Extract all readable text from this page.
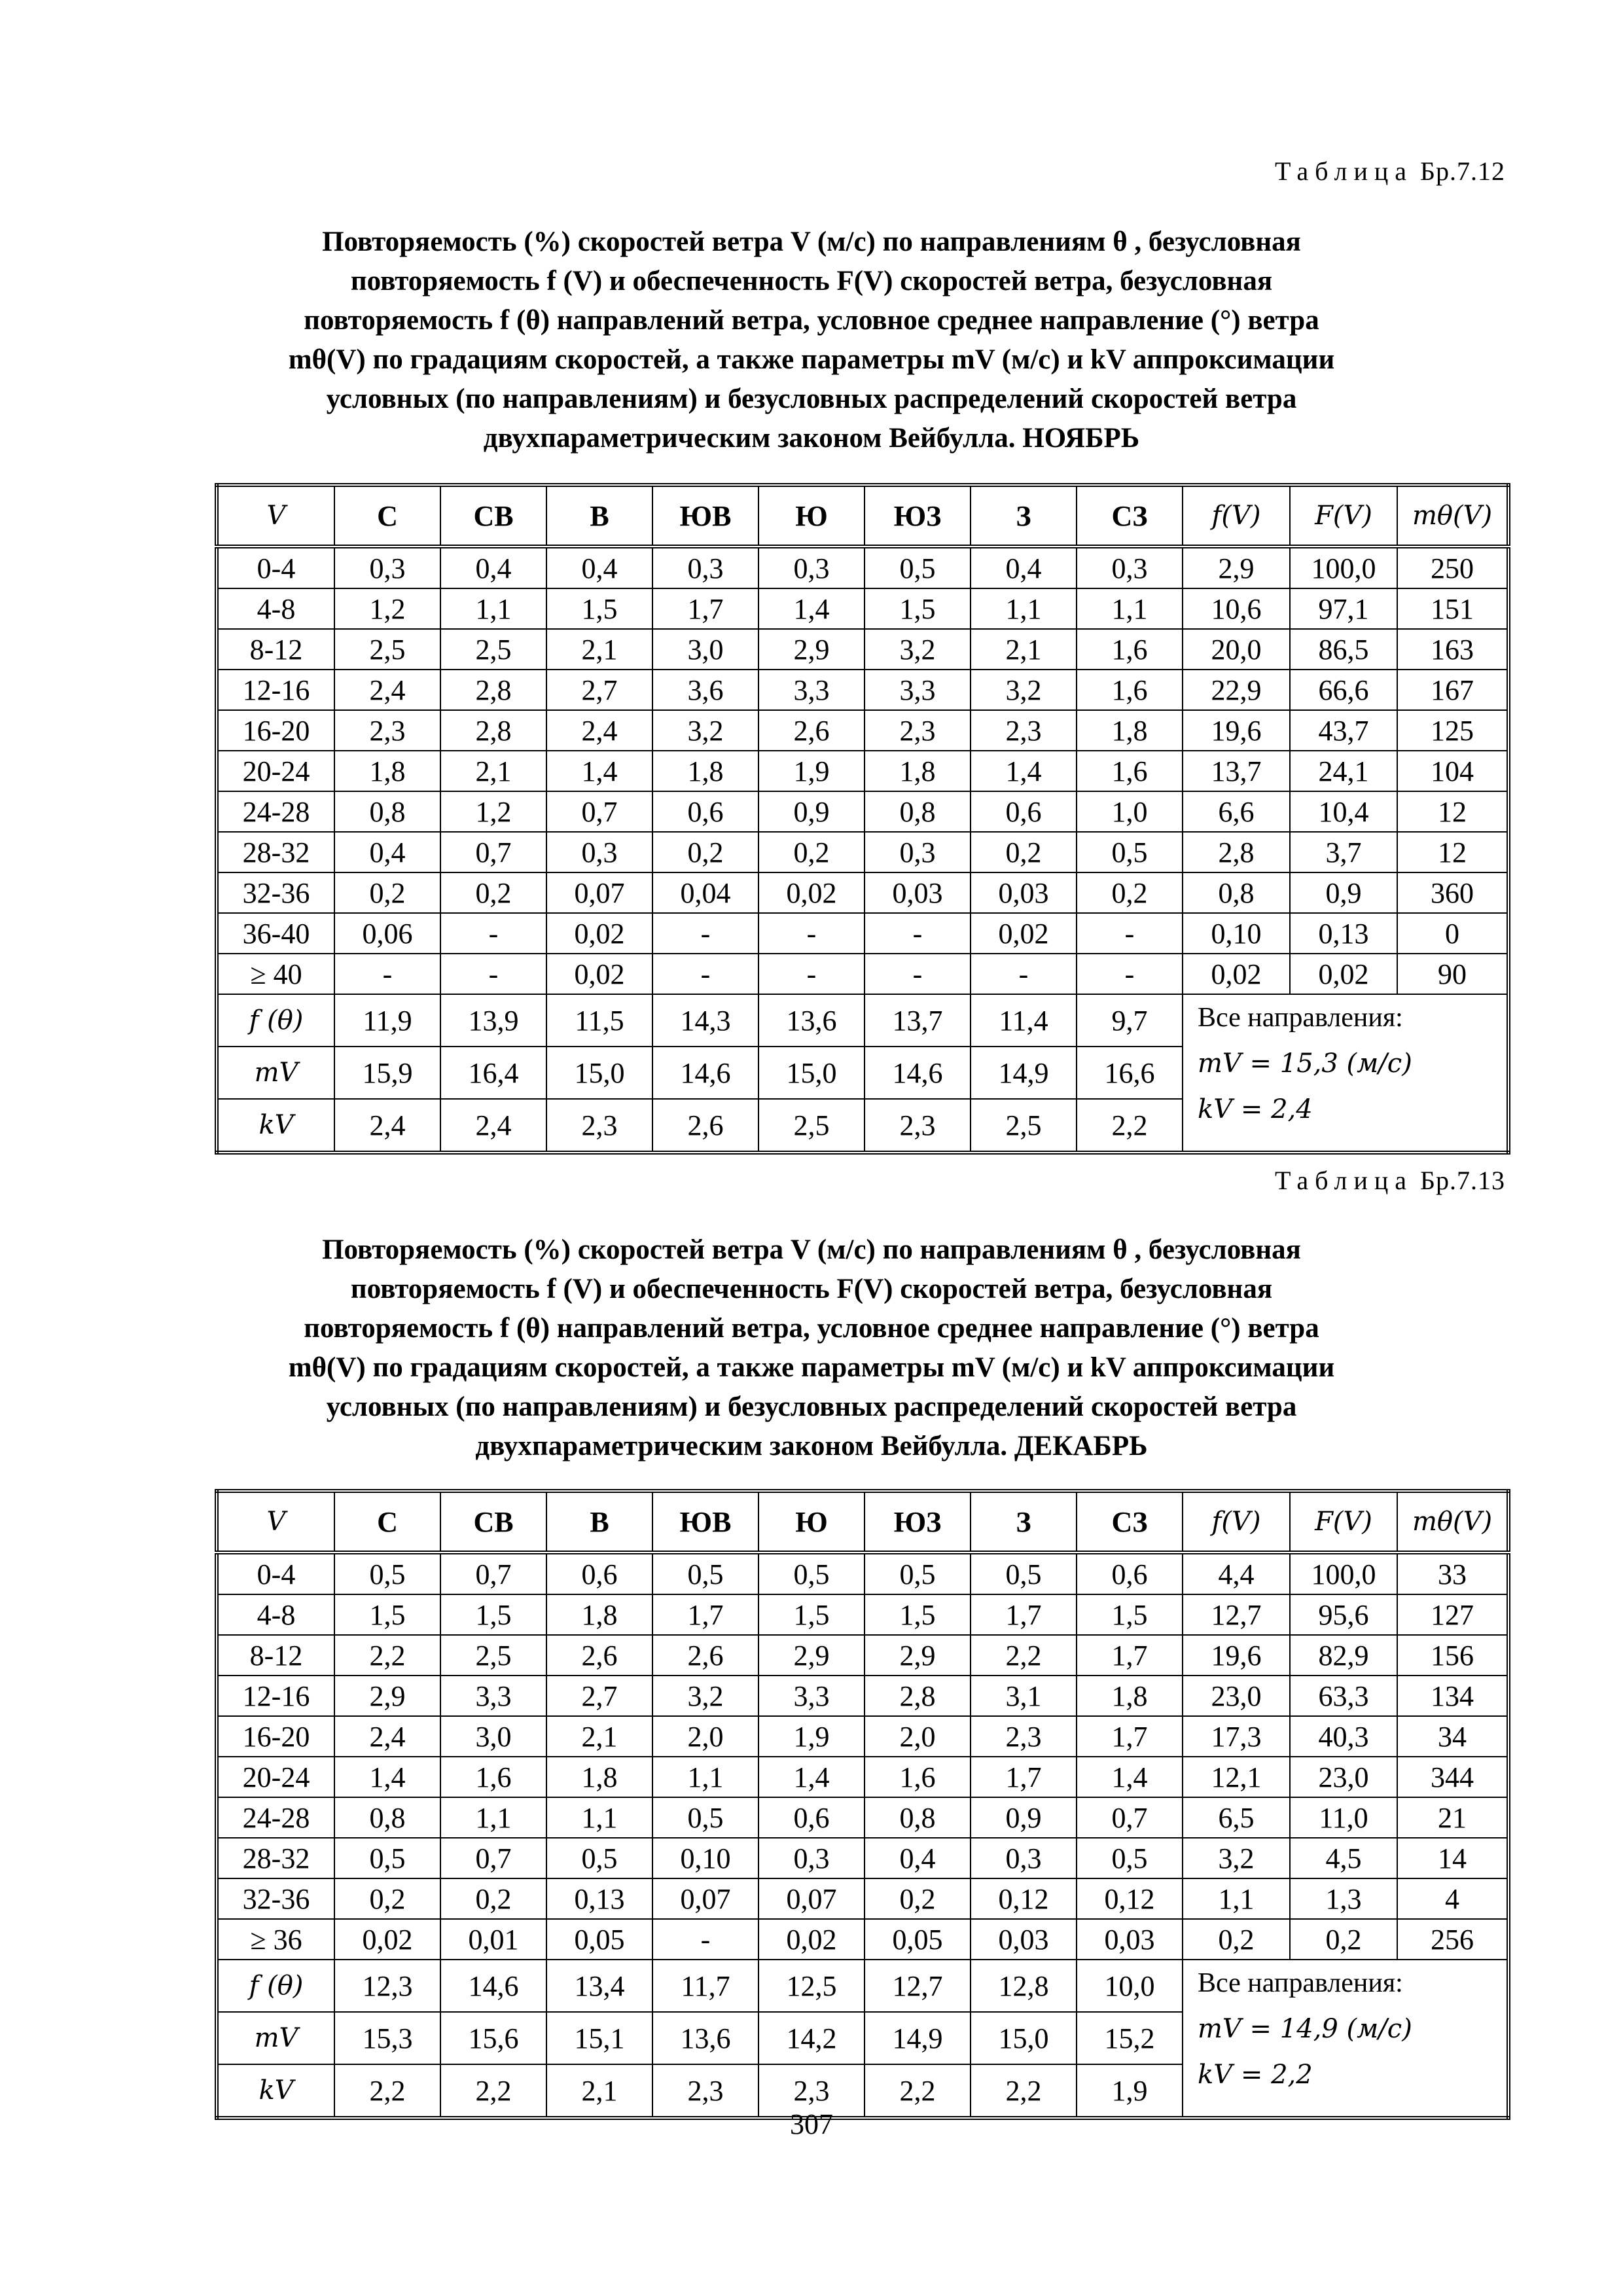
Таблица Бр.7.12
Повторяемость (%) скоростей ветра V (м/с) по направлениям θ , безусловная
повторяемость f (V) и обеспеченность F(V) скоростей ветра, безусловная
повторяемость f (θ) направлений ветра, условное среднее направление (°) ветра
mθ(V) по градациям скоростей, а также параметры mV (м/с) и kV аппроксимации
условных (по направлениям) и безусловных распределений скоростей ветра
двухпараметрическим законом Вейбулла. НОЯБРЬ
V	С	СВ	В	ЮВ	Ю	ЮЗ	З	СЗ	f(V)	F(V)	mθ(V)
0-4	0,3	0,4	0,4	0,3	0,3	0,5	0,4	0,3	2,9	100,0	250
4-8	1,2	1,1	1,5	1,7	1,4	1,5	1,1	1,1	10,6	97,1	151
8-12	2,5	2,5	2,1	3,0	2,9	3,2	2,1	1,6	20,0	86,5	163
12-16	2,4	2,8	2,7	3,6	3,3	3,3	3,2	1,6	22,9	66,6	167
16-20	2,3	2,8	2,4	3,2	2,6	2,3	2,3	1,8	19,6	43,7	125
20-24	1,8	2,1	1,4	1,8	1,9	1,8	1,4	1,6	13,7	24,1	104
24-28	0,8	1,2	0,7	0,6	0,9	0,8	0,6	1,0	6,6	10,4	12
28-32	0,4	0,7	0,3	0,2	0,2	0,3	0,2	0,5	2,8	3,7	12
32-36	0,2	0,2	0,07	0,04	0,02	0,03	0,03	0,2	0,8	0,9	360
36-40	0,06	-	0,02	-	-	-	0,02	-	0,10	0,13	0
≥ 40	-	-	0,02	-	-	-	-	-	0,02	0,02	90
f (θ)	11,9	13,9	11,5	14,3	13,6	13,7	11,4	9,7	Все направления:
mV = 15,3 (м/с)
kV = 2,4		

mV	15,9	16,4	15,0	14,6	15,0	14,6	14,9	16,6			
kV	2,4	2,4	2,3	2,6	2,5	2,3	2,5	2,2			
Таблица Бр.7.13
Повторяемость (%) скоростей ветра V (м/с) по направлениям θ , безусловная
повторяемость f (V) и обеспеченность F(V) скоростей ветра, безусловная
повторяемость f (θ) направлений ветра, условное среднее направление (°) ветра
mθ(V) по градациям скоростей, а также параметры mV (м/с) и kV аппроксимации
условных (по направлениям) и безусловных распределений скоростей ветра
двухпараметрическим законом Вейбулла. ДЕКАБРЬ
V	С	СВ	В	ЮВ	Ю	ЮЗ	З	СЗ	f(V)	F(V)	mθ(V)
0-4	0,5	0,7	0,6	0,5	0,5	0,5	0,5	0,6	4,4	100,0	33
4-8	1,5	1,5	1,8	1,7	1,5	1,5	1,7	1,5	12,7	95,6	127
8-12	2,2	2,5	2,6	2,6	2,9	2,9	2,2	1,7	19,6	82,9	156
12-16	2,9	3,3	2,7	3,2	3,3	2,8	3,1	1,8	23,0	63,3	134
16-20	2,4	3,0	2,1	2,0	1,9	2,0	2,3	1,7	17,3	40,3	34
20-24	1,4	1,6	1,8	1,1	1,4	1,6	1,7	1,4	12,1	23,0	344
24-28	0,8	1,1	1,1	0,5	0,6	0,8	0,9	0,7	6,5	11,0	21
28-32	0,5	0,7	0,5	0,10	0,3	0,4	0,3	0,5	3,2	4,5	14
32-36	0,2	0,2	0,13	0,07	0,07	0,2	0,12	0,12	1,1	1,3	4
≥ 36	0,02	0,01	0,05	-	0,02	0,05	0,03	0,03	0,2	0,2	256
f (θ)	12,3	14,6	13,4	11,7	12,5	12,7	12,8	10,0	Все направления:
mV = 14,9 (м/с)
kV = 2,2		

mV	15,3	15,6	15,1	13,6	14,2	14,9	15,0	15,2			
kV	2,2	2,2	2,1	2,3	2,3	2,2	2,2	1,9			
307
